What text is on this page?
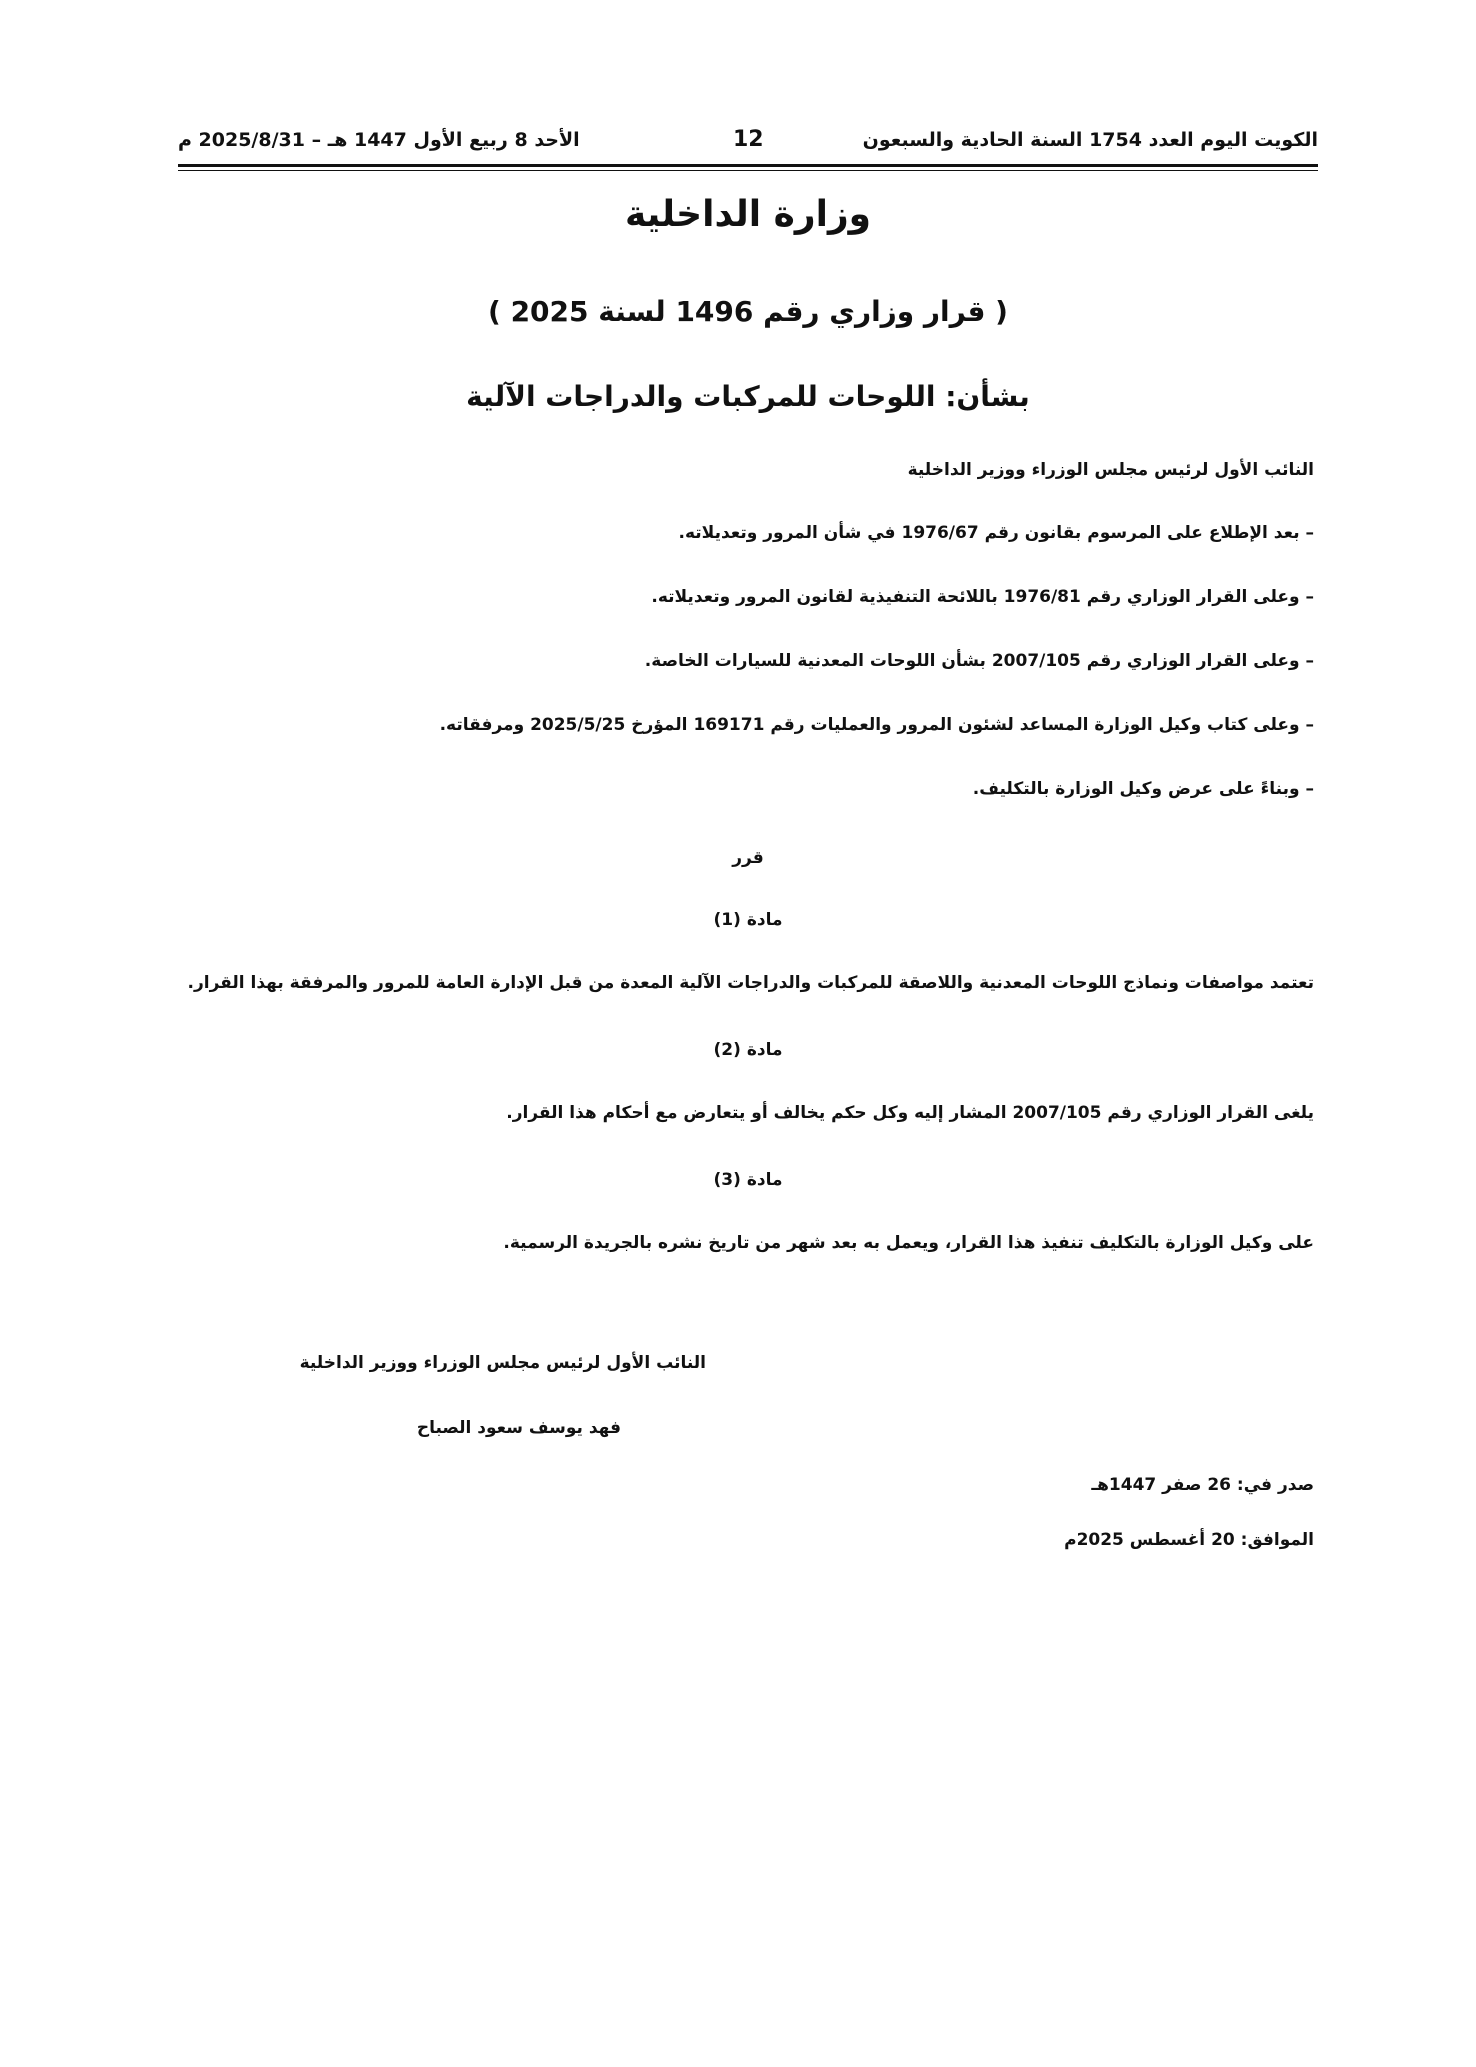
الكويت اليوم العدد 1754 السنة الحادية والسبعون
12
الأحد 8 ربيع الأول 1447 هـ – 2025/8/31 م
وزارة الداخلية
( قرار وزاري رقم 1496 لسنة 2025 )
بشأن: اللوحات للمركبات والدراجات الآلية
النائب الأول لرئيس مجلس الوزراء ووزير الداخلية
– بعد الإطلاع على المرسوم بقانون رقم 1976/67 في شأن المرور وتعديلاته.
– وعلى القرار الوزاري رقم 1976/81 باللائحة التنفيذية لقانون المرور وتعديلاته.
– وعلى القرار الوزاري رقم 2007/105 بشأن اللوحات المعدنية للسيارات الخاصة.
– وعلى كتاب وكيل الوزارة المساعد لشئون المرور والعمليات رقم 169171 المؤرخ 2025/5/25 ومرفقاته.
– وبناءً على عرض وكيل الوزارة بالتكليف.
قرر
مادة (1)
تعتمد مواصفات ونماذج اللوحات المعدنية واللاصقة للمركبات والدراجات الآلية المعدة من قبل الإدارة العامة للمرور والمرفقة بهذا القرار.
مادة (2)
يلغى القرار الوزاري رقم 2007/105 المشار إليه وكل حكم يخالف أو يتعارض مع أحكام هذا القرار.
مادة (3)
على وكيل الوزارة بالتكليف تنفيذ هذا القرار، ويعمل به بعد شهر من تاريخ نشره بالجريدة الرسمية.
النائب الأول لرئيس مجلس الوزراء ووزير الداخلية
فهد يوسف سعود الصباح
صدر في: 26 صفر 1447هـ
الموافق: 20 أغسطس 2025م
